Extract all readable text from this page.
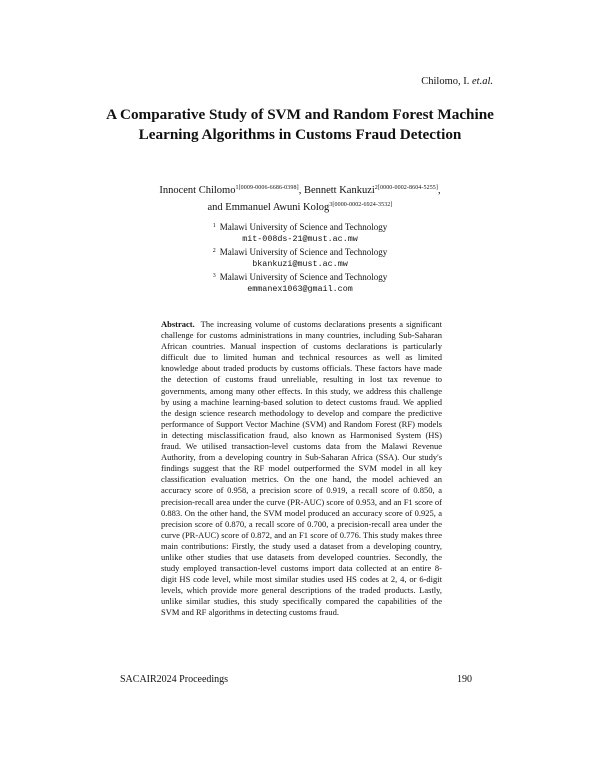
Chilomo, I. et.al.
A Comparative Study of SVM and Random Forest Machine Learning Algorithms in Customs Fraud Detection
Innocent Chilomo$^{1[0009-0006-6686-0398]}$, Bennett Kankuzi$^{2[0000-0002-8604-5255]}$,
and Emmanuel Awuni Kolog$^{3[0000-0002-6924-3532]}$
$^1$ Malawi University of Science and Technology
mit-008ds-21@must.ac.mw
$^2$ Malawi University of Science and Technology
bkankuzi@must.ac.mw
$^3$ Malawi University of Science and Technology
emmanex1063@gmail.com
Abstract. The increasing volume of customs declarations presents a significant challenge for customs administrations in many countries, including Sub-Saharan African countries. Manual inspection of customs declarations is particularly difficult due to limited human and technical resources as well as limited knowledge about traded products by customs officials. These factors have made the detection of customs fraud unreliable, resulting in lost tax revenue to governments, among many other effects. In this study, we address this challenge by using a machine learning-based solution to detect customs fraud. We applied the design science research methodology to develop and compare the predictive performance of Support Vector Machine (SVM) and Random Forest (RF) models in detecting misclassification fraud, also known as Harmonised System (HS) fraud. We utilised transaction-level customs data from the Malawi Revenue Authority, from a developing country in Sub-Saharan Africa (SSA). Our study's findings suggest that the RF model outperformed the SVM model in all key classification evaluation metrics. On the one hand, the model achieved an accuracy score of 0.958, a precision score of 0.919, a recall score of 0.850, a precision-recall area under the curve (PR-AUC) score of 0.953, and an F1 score of 0.883. On the other hand, the SVM model produced an accuracy score of 0.925, a precision score of 0.870, a recall score of 0.700, a precision-recall area under the curve (PR-AUC) score of 0.872, and an F1 score of 0.776. This study makes three main contributions: Firstly, the study used a dataset from a developing country, unlike other studies that use datasets from developed countries. Secondly, the study employed transaction-level customs import data collected at an entire 8-digit HS code level, while most similar studies used HS codes at 2, 4, or 6-digit levels, which provide more general descriptions of the traded products. Lastly, unlike similar studies, this study specifically compared the capabilities of the SVM and RF algorithms in detecting customs fraud.
SACAIR2024 Proceedings	190
